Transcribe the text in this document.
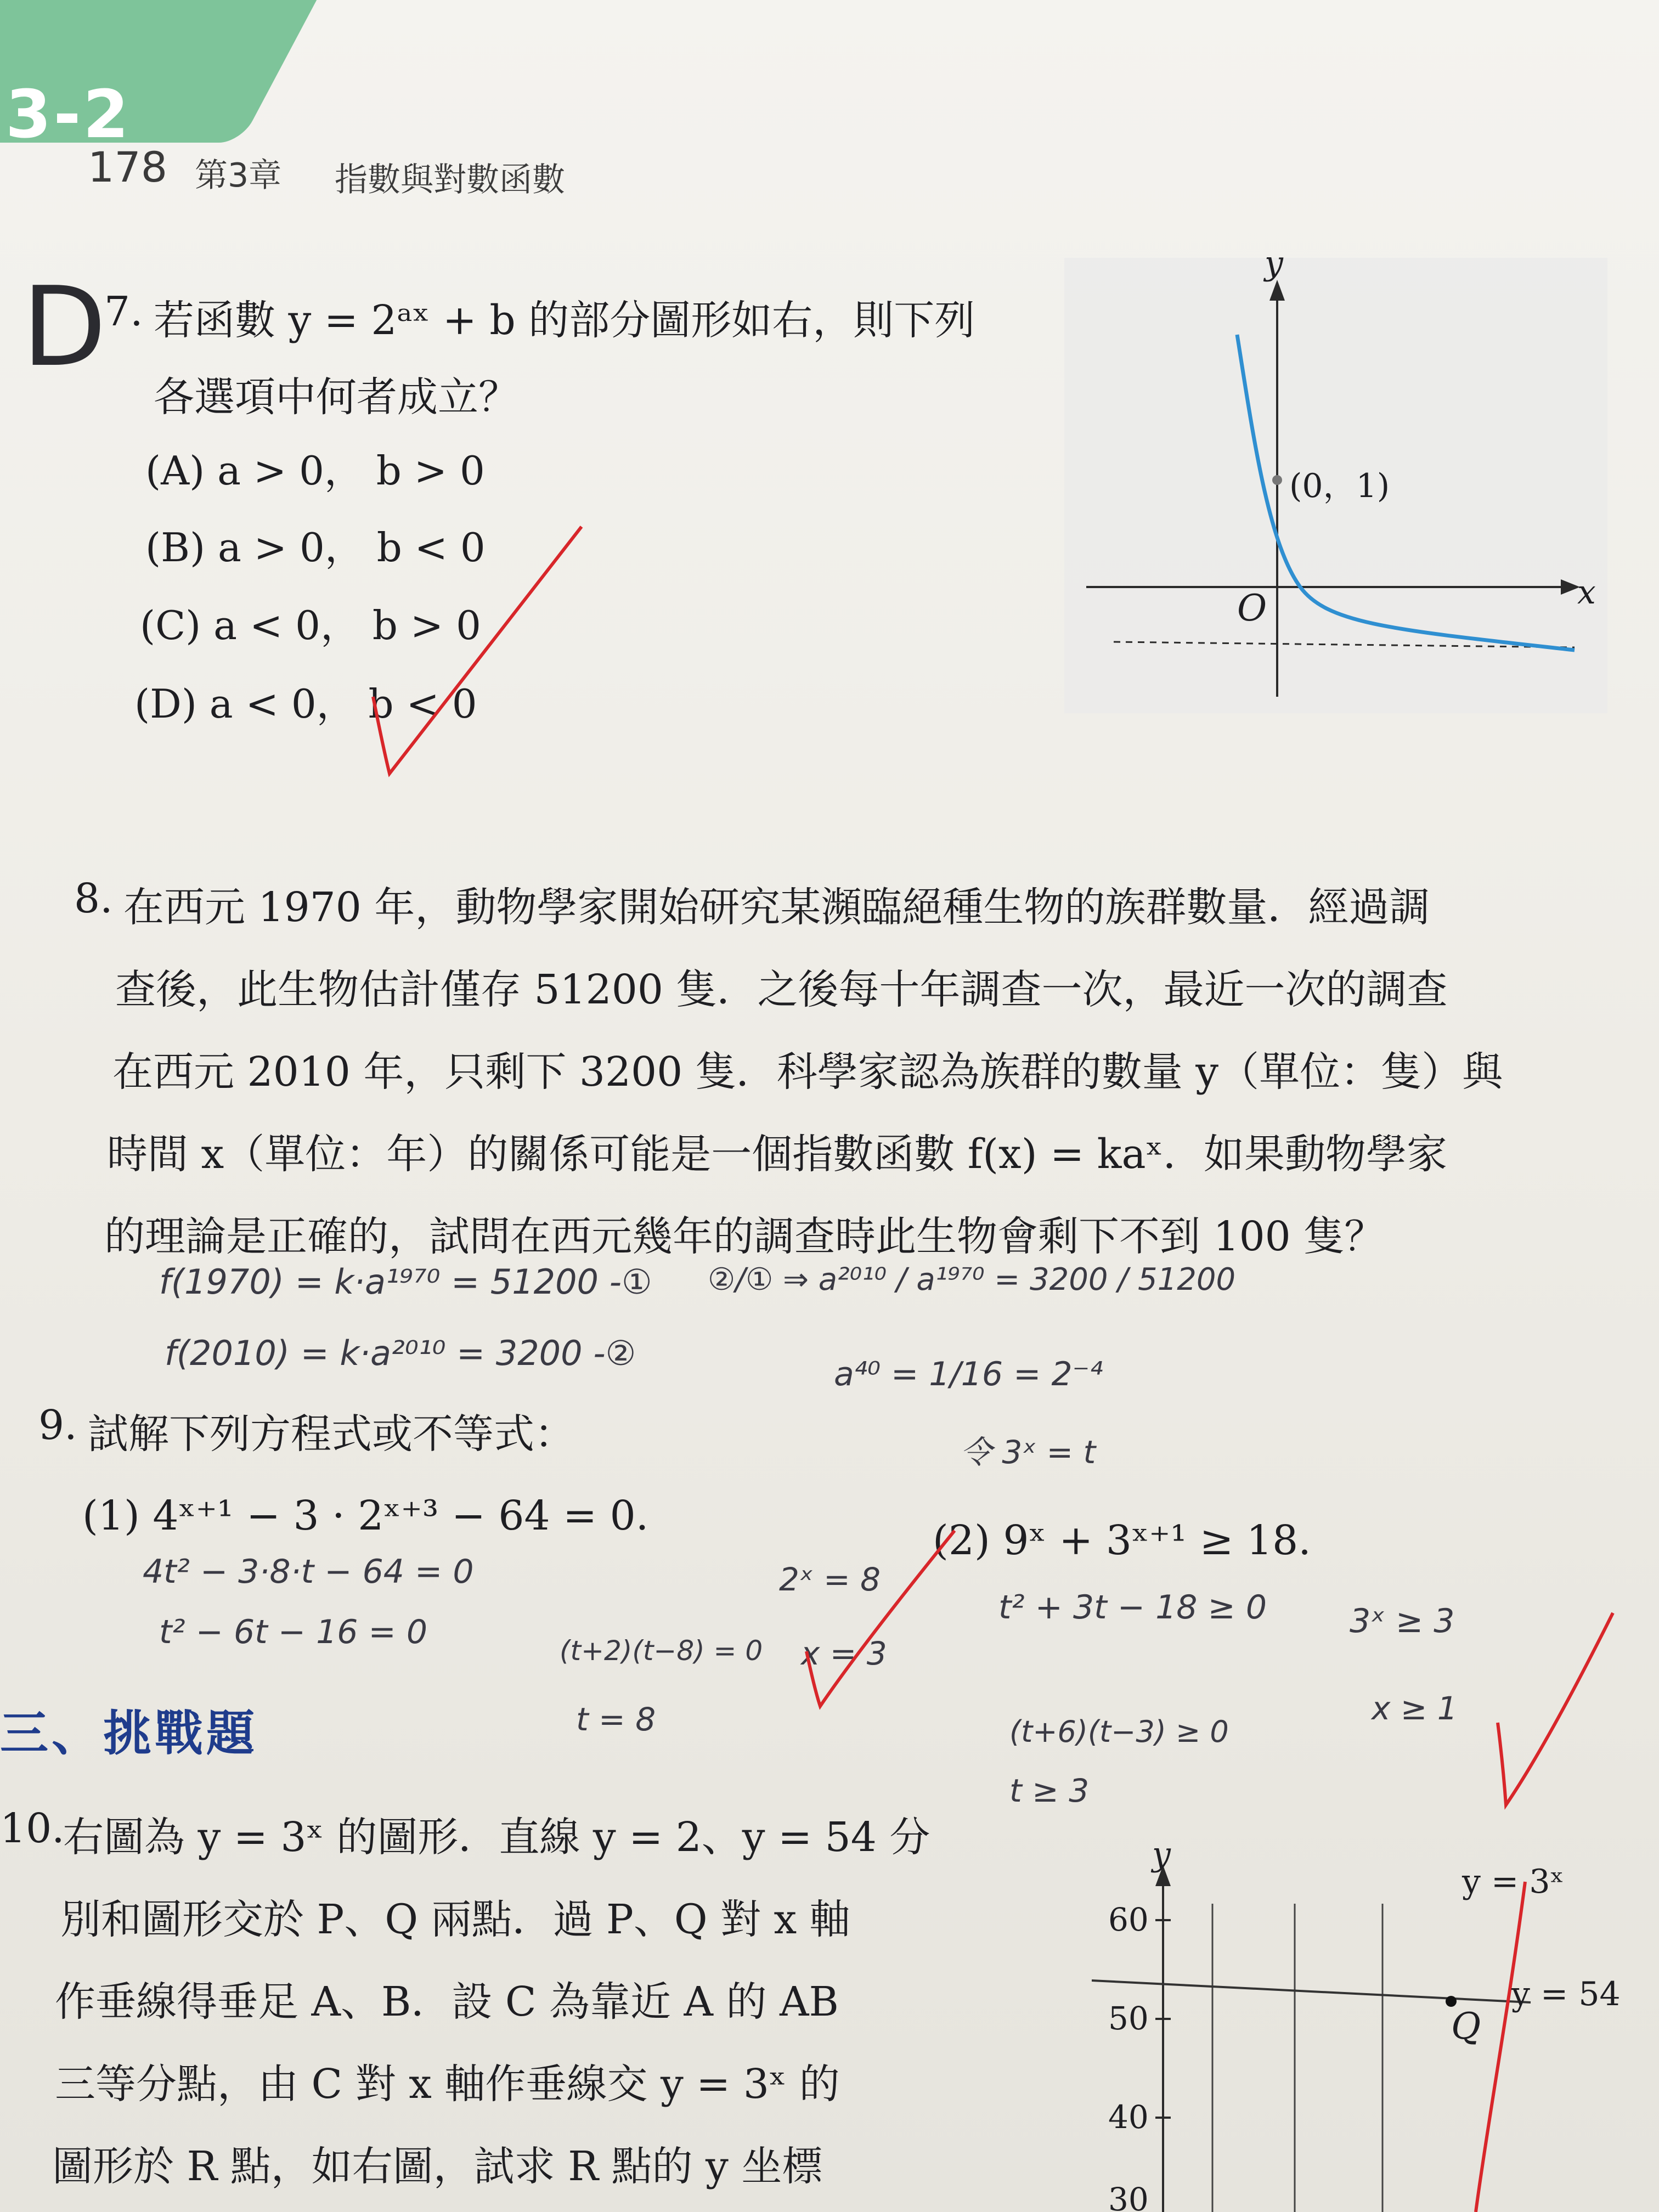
3-2
178 第3章 指數與對數函數
D
7. 若函數 y = 2ᵃˣ + b 的部分圖形如右，則下列
各選項中何者成立？
(A) a > 0， b > 0
(B) a > 0， b < 0
(C) a < 0， b > 0
(D) a < 0， b < 0
y
x
O
(0，1)
8. 在西元 1970 年，動物學家開始研究某瀕臨絕種生物的族群數量．經過調
查後，此生物估計僅存 51200 隻．之後每十年調查一次，最近一次的調查
在西元 2010 年，只剩下 3200 隻．科學家認為族群的數量 y（單位：隻）與
時間 x（單位：年）的關係可能是一個指數函數 f(x) = kaˣ．如果動物學家
的理論是正確的，試問在西元幾年的調查時此生物會剩下不到 100 隻？
f(1970) = k·a¹⁹⁷⁰ = 51200 -①
f(2010) = k·a²⁰¹⁰ = 3200 -②
②/① ⇒ a²⁰¹⁰ / a¹⁹⁷⁰ = 3200 / 51200
a⁴⁰ = 1/16 = 2⁻⁴
9. 試解下列方程式或不等式：
(1) 4ˣ⁺¹ − 3 · 2ˣ⁺³ − 64 = 0.
(2) 9ˣ + 3ˣ⁺¹ ≥ 18.
4t² − 3·8·t − 64 = 0
t² − 6t − 16 = 0	(t+2)(t−8) = 0
t = 8
2ˣ = 8
x = 3
令 3ˣ = t
t² + 3t − 18 ≥ 0
(t+6)(t−3) ≥ 0
t ≥ 3
3ˣ ≥ 3
x ≥ 1
三、挑戰題
10.
右圖為 y = 3ˣ 的圖形．直線 y = 2、y = 54 分
別和圖形交於 P、Q 兩點．過 P、Q 對 x 軸
作垂線得垂足 A、B．設 C 為靠近 A 的 AB
三等分點，由 C 對 x 軸作垂線交 y = 3ˣ 的
圖形於 R 點，如右圖，試求 R 點的 y 坐標
y
y = 3ˣ
y = 54
Q
60
50
40
30
